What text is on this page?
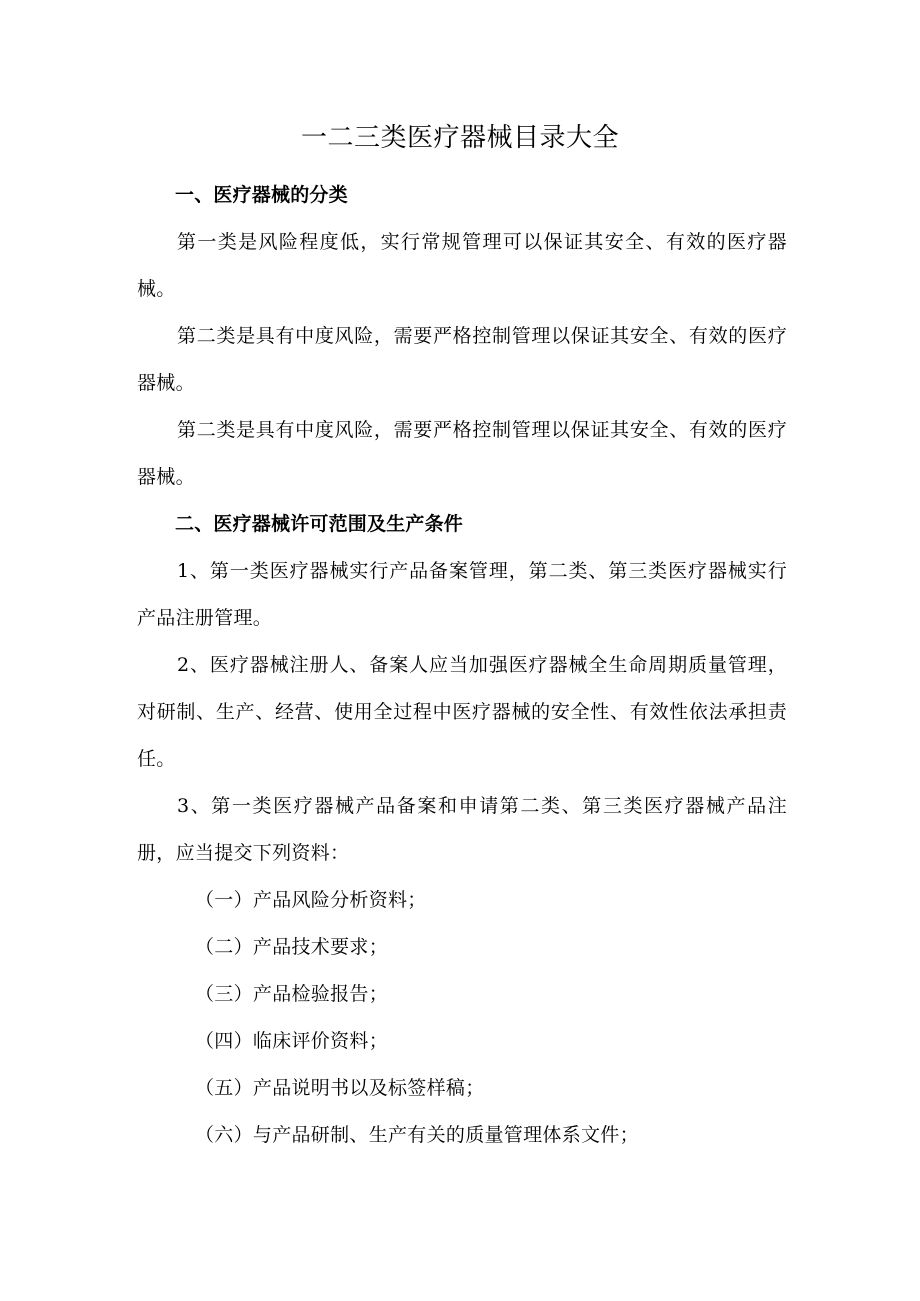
一二三类医疗器械目录大全

一、医疗器械的分类

第一类是风险程度低，实行常规管理可以保证其安全、有效的医疗器械。

第二类是具有中度风险，需要严格控制管理以保证其安全、有效的医疗器械。

第二类是具有中度风险，需要严格控制管理以保证其安全、有效的医疗器械。

二、医疗器械许可范围及生产条件

1、第一类医疗器械实行产品备案管理，第二类、第三类医疗器械实行产品注册管理。

2、医疗器械注册人、备案人应当加强医疗器械全生命周期质量管理，对研制、生产、经营、使用全过程中医疗器械的安全性、有效性依法承担责任。

3、第一类医疗器械产品备案和申请第二类、第三类医疗器械产品注册，应当提交下列资料：

（一）产品风险分析资料；

（二）产品技术要求；

（三）产品检验报告；

（四）临床评价资料；

（五）产品说明书以及标签样稿；

（六）与产品研制、生产有关的质量管理体系文件；
